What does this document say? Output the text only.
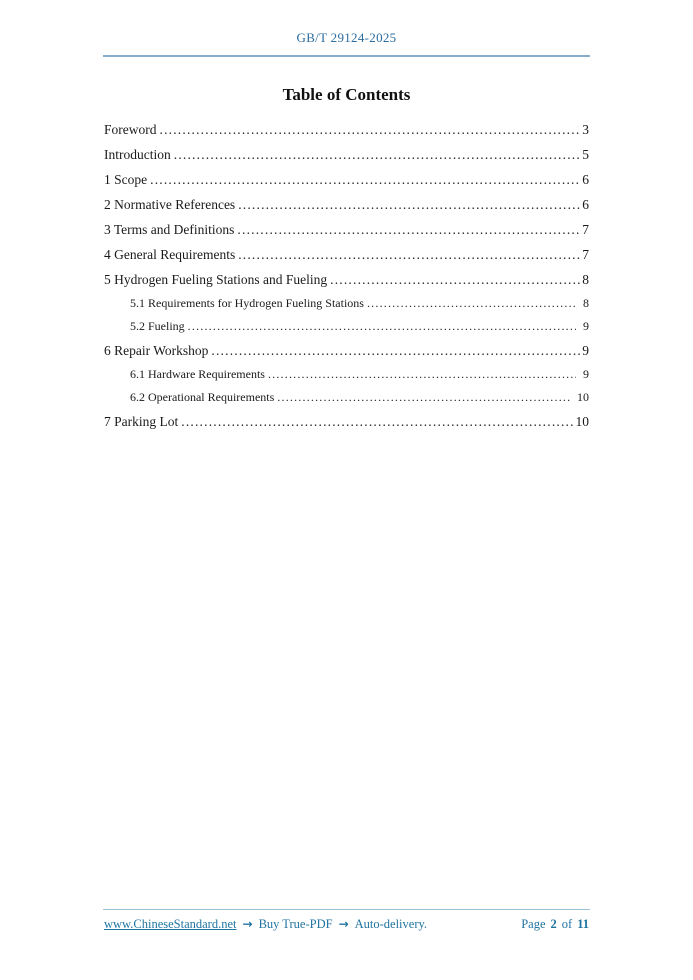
GB/T 29124-2025
Table of Contents
Foreword .....	3
Introduction .....	5
1 Scope .....	6
2 Normative References .....	6
3 Terms and Definitions .....	7
4 General Requirements .....	7
5 Hydrogen Fueling Stations and Fueling .....	8
5.1 Requirements for Hydrogen Fueling Stations .....	8
5.2 Fueling .....	9
6 Repair Workshop .....	9
6.1 Hardware Requirements .....	9
6.2 Operational Requirements .....	10
7 Parking Lot .....	10
www.ChineseStandard.net → Buy True-PDF → Auto-delivery.	Page 2 of 11
